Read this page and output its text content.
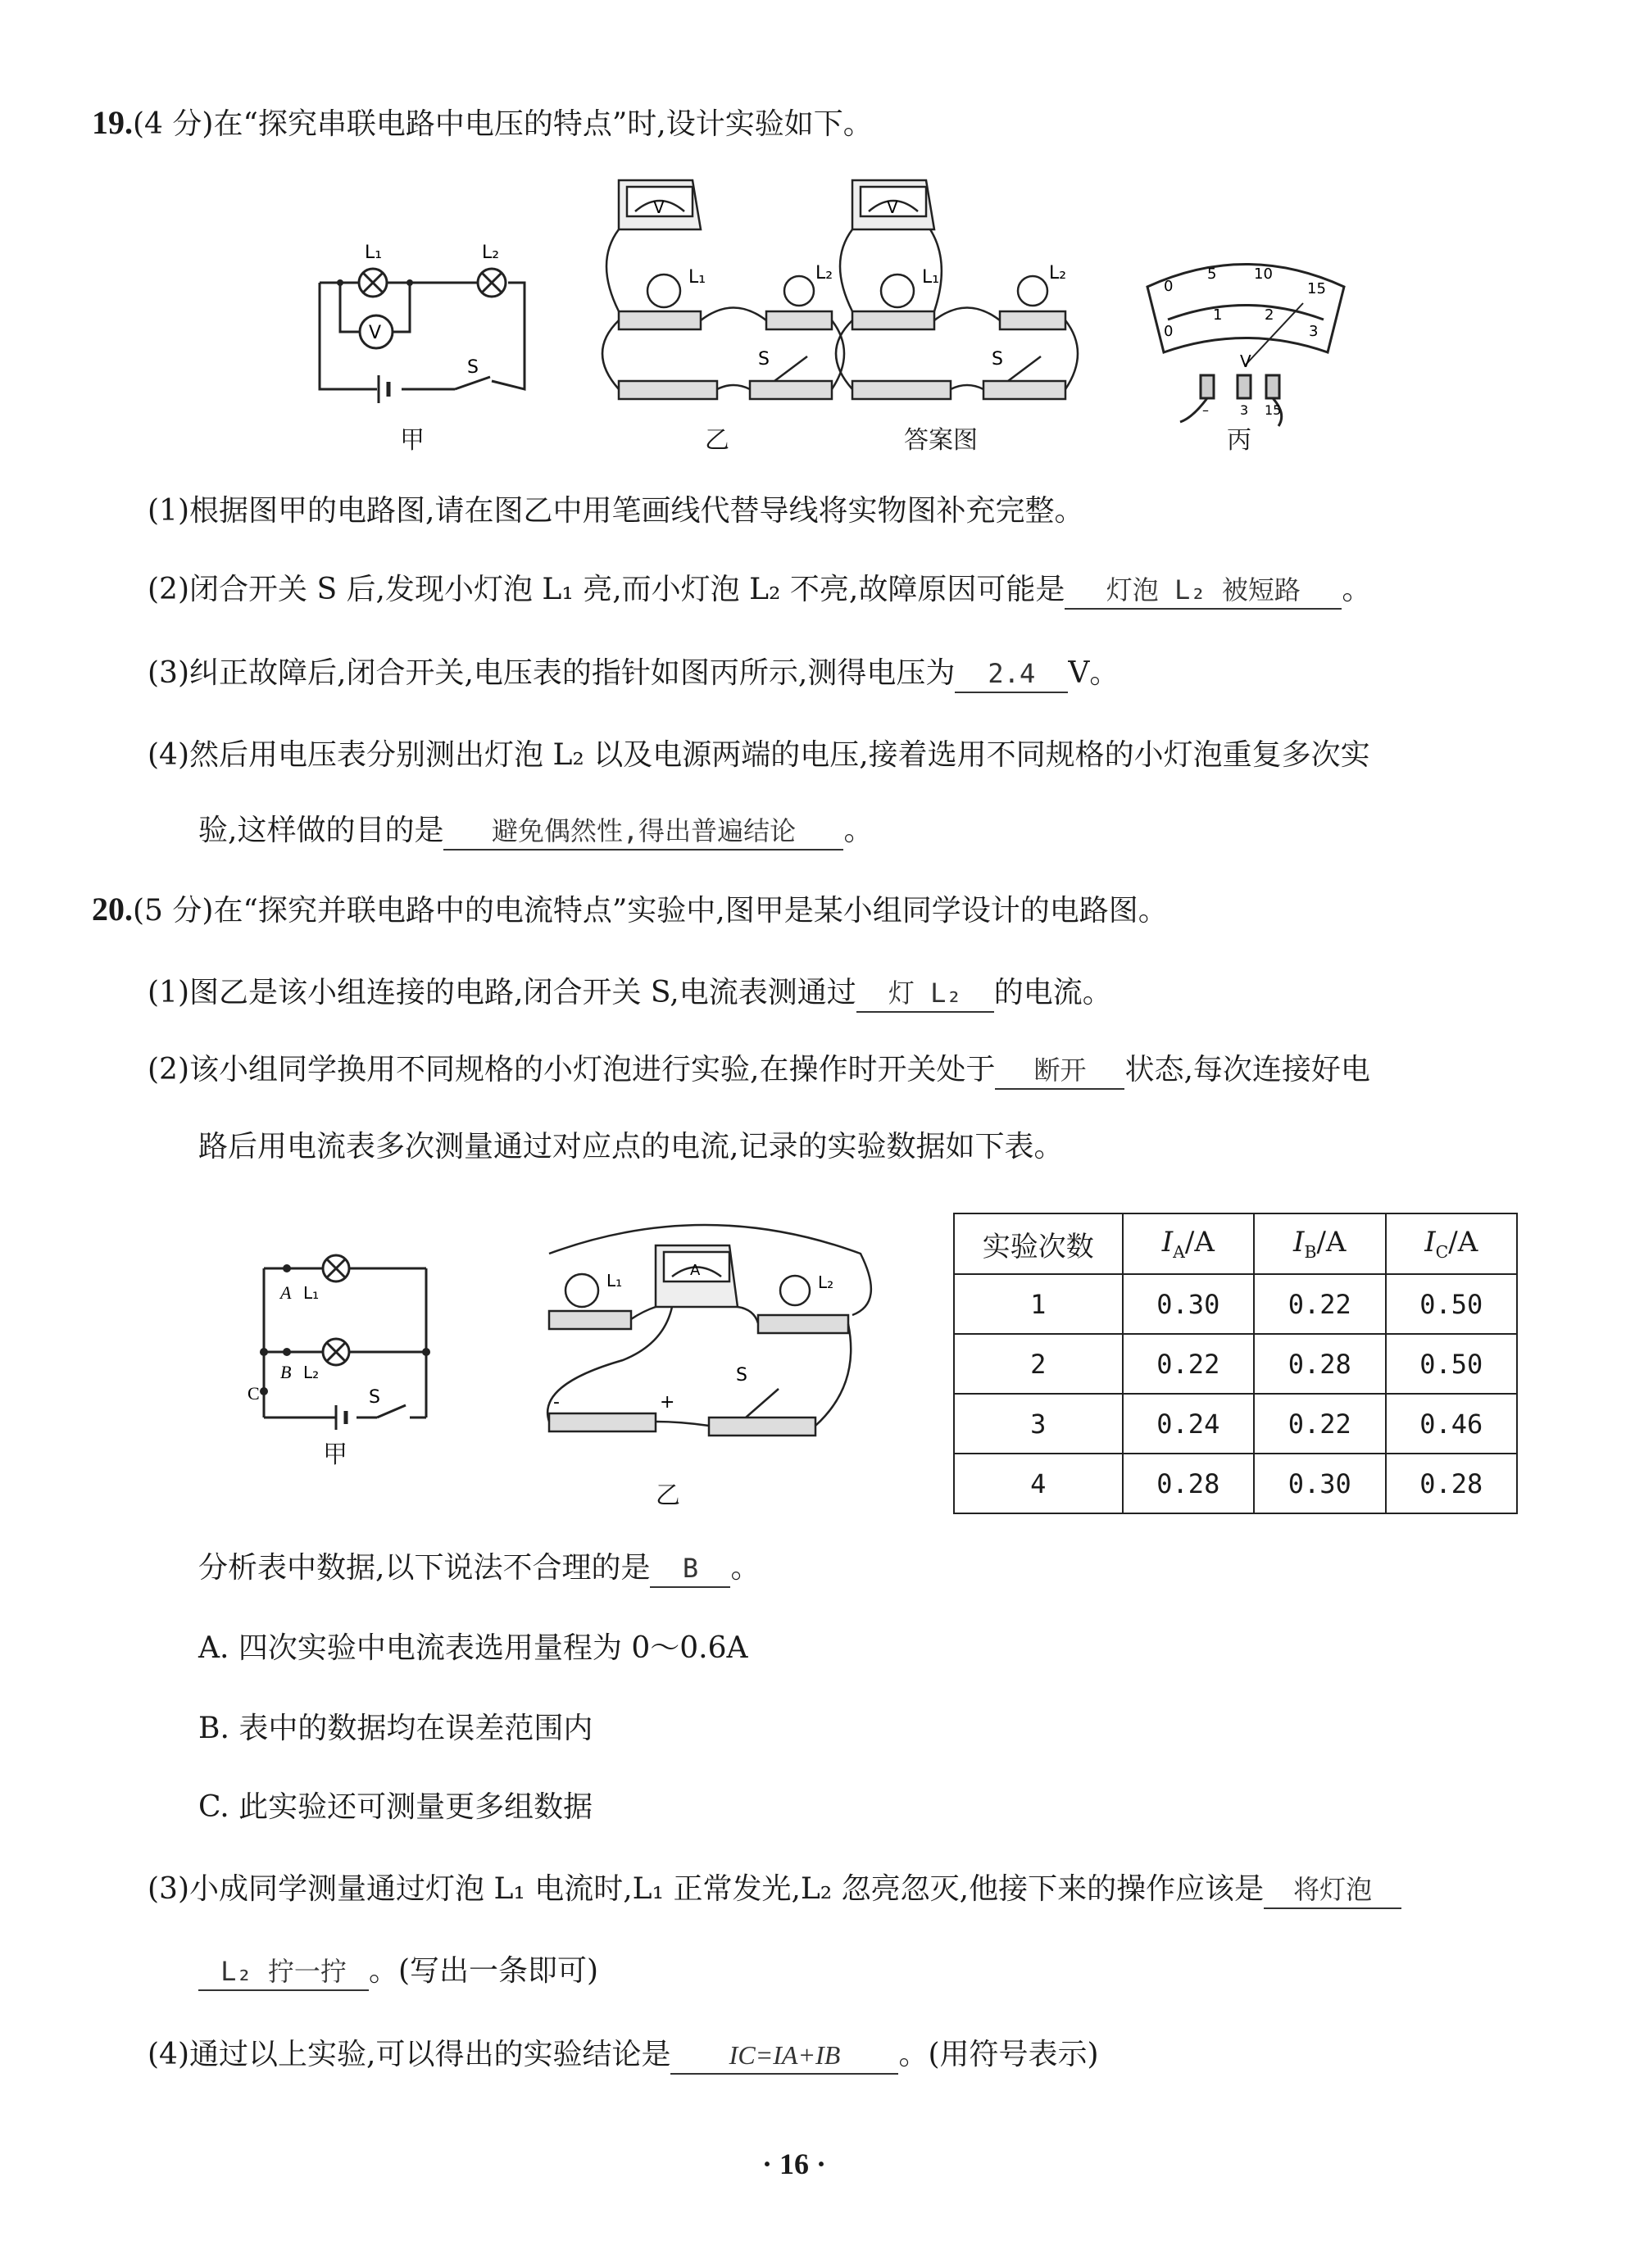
19.(4 分)在“探究串联电路中电压的特点”时,设计实验如下。
V
L₁	L₂
S
甲
V
L₁	L₂
S
乙
V
L₁	L₂
S
答案图
0
5	10
15
0
1	2
3
V
– 3 15
丙
(1)根据图甲的电路图,请在图乙中用笔画线代替导线将实物图补充完整。
(2)闭合开关 S 后,发现小灯泡 L₁ 亮,而小灯泡 L₂ 不亮,故障原因可能是 灯泡 L₂ 被短路 。
(3)纠正故障后,闭合开关,电压表的指针如图丙所示,测得电压为 2.4 V。
(4)然后用电压表分别测出灯泡 L₂ 以及电源两端的电压,接着选用不同规格的小灯泡重复多次实
验,这样做的目的是 避免偶然性,得出普遍结论 。
20.(5 分)在“探究并联电路中的电流特点”实验中,图甲是某小组同学设计的电路图。
(1)图乙是该小组连接的电路,闭合开关 S,电流表测通过 灯 L₂ 的电流。
(2)该小组同学换用不同规格的小灯泡进行实验,在操作时开关处于 断开 状态,每次连接好电
路后用电流表多次测量通过对应点的电流,记录的实验数据如下表。
A
B
C
L₁
L₂
S
甲
L₁	L₂
A
S
-	+
乙
实验次数	$I_A/A$	$I_B/A$	$I_C/A$
1	0.30	0.22	0.50
2	0.22	0.28	0.50
3	0.24	0.22	0.46
4	0.28	0.30	0.28
分析表中数据,以下说法不合理的是 B 。
A. 四次实验中电流表选用量程为 0～0.6A
B. 表中的数据均在误差范围内
C. 此实验还可测量更多组数据
(3)小成同学测量通过灯泡 L₁ 电流时,L₁ 正常发光,L₂ 忽亮忽灭,他接下来的操作应该是 将灯泡
L₂ 拧一拧 。(写出一条即可)
(4)通过以上实验,可以得出的实验结论是 IC=IA+IB 。(用符号表示)
· 16 ·
